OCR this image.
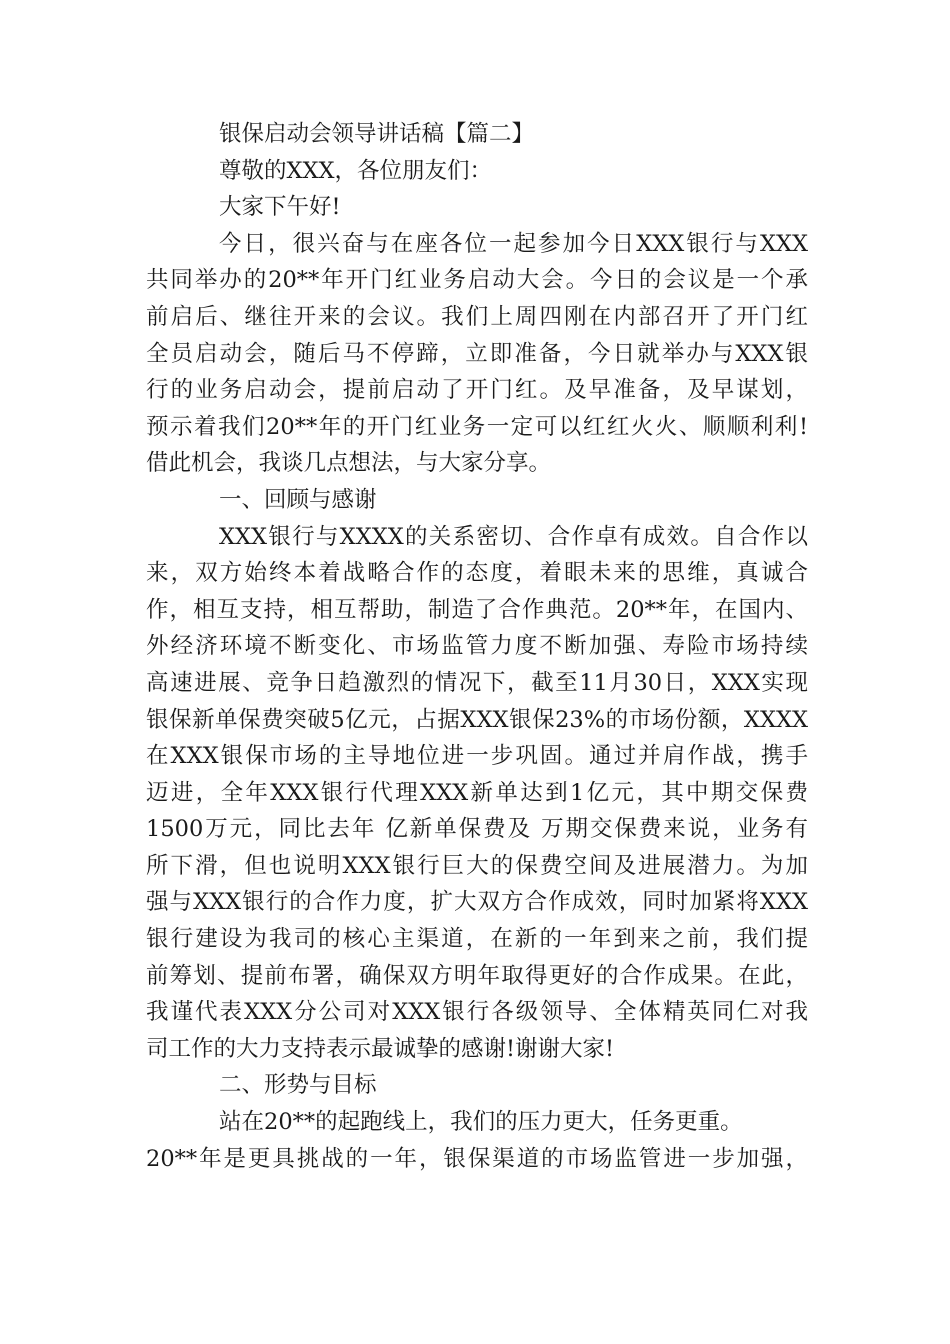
银保启动会领导讲话稿【篇二】
尊敬的XXX，各位朋友们：
大家下午好!
今日，很兴奋与在座各位一起参加今日XXX银行与XXX
共同举办的20**年开门红业务启动大会。今日的会议是一个承
前启后、继往开来的会议。我们上周四刚在内部召开了开门红
全员启动会，随后马不停蹄，立即准备，今日就举办与XXX银
行的业务启动会，提前启动了开门红。及早准备，及早谋划，
预示着我们20**年的开门红业务一定可以红红火火、顺顺利利!
借此机会，我谈几点想法，与大家分享。
一、回顾与感谢
XXX银行与XXXX的关系密切、合作卓有成效。自合作以
来，双方始终本着战略合作的态度，着眼未来的思维，真诚合
作，相互支持，相互帮助，制造了合作典范。20**年，在国内、
外经济环境不断变化、市场监管力度不断加强、寿险市场持续
高速进展、竞争日趋激烈的情况下，截至11月30日，XXX实现
银保新单保费突破5亿元，占据XXX银保23%的市场份额，XXXX
在XXX银保市场的主导地位进一步巩固。通过并肩作战，携手
迈进，全年XXX银行代理XXX新单达到1亿元，其中期交保费
1500万元，同比去年 亿新单保费及 万期交保费来说，业务有
所下滑，但也说明XXX银行巨大的保费空间及进展潜力。为加
强与XXX银行的合作力度，扩大双方合作成效，同时加紧将XXX
银行建设为我司的核心主渠道，在新的一年到来之前，我们提
前筹划、提前布署，确保双方明年取得更好的合作成果。在此，
我谨代表XXX分公司对XXX银行各级领导、全体精英同仁对我
司工作的大力支持表示最诚挚的感谢!谢谢大家!
二、形势与目标
站在20**的起跑线上，我们的压力更大，任务更重。
20**年是更具挑战的一年，银保渠道的市场监管进一步加强，
